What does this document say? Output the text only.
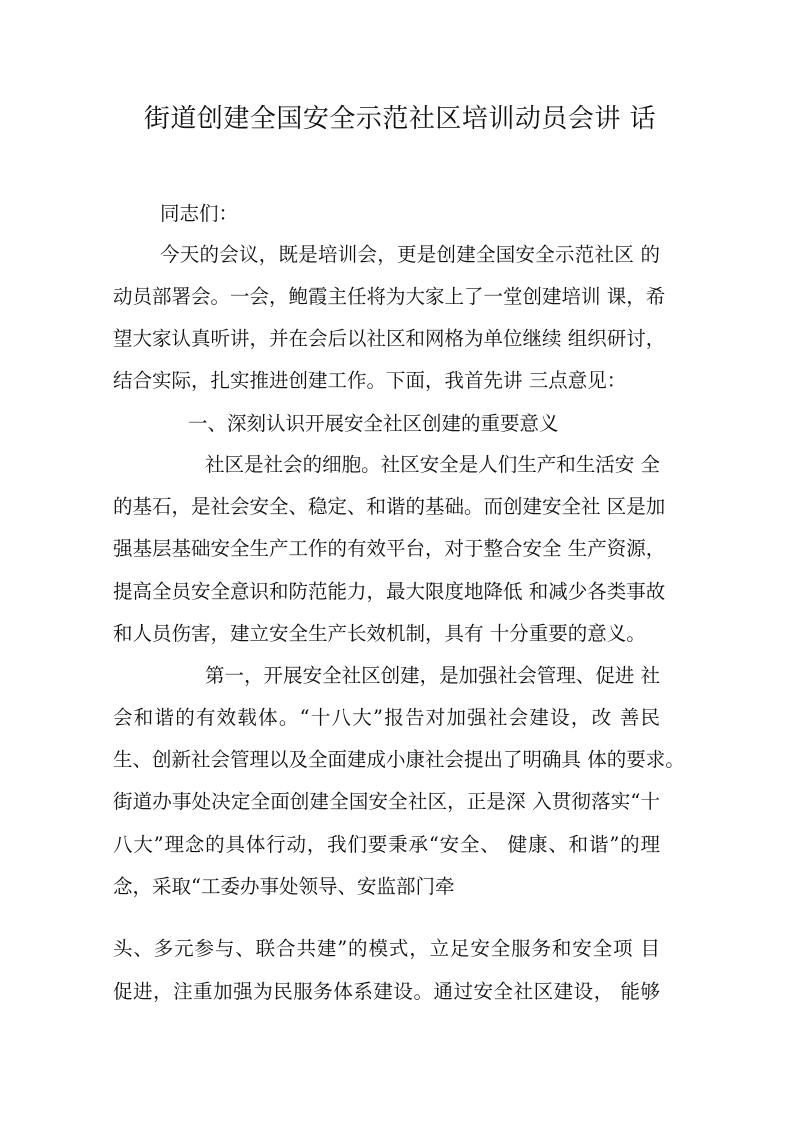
街道创建全国安全示范社区培训动员会讲 话
同志们：
今天的会议，既是培训会，更是创建全国安全示范社区 的
动员部署会。一会，鲍霞主任将为大家上了一堂创建培训 课，希
望大家认真听讲，并在会后以社区和网格为单位继续 组织研讨，
结合实际，扎实推进创建工作。下面，我首先讲 三点意见：
一、深刻认识开展安全社区创建的重要意义
社区是社会的细胞。社区安全是人们生产和生活安 全
的基石，是社会安全、稳定、和谐的基础。而创建安全社 区是加
强基层基础安全生产工作的有效平台，对于整合安全 生产资源，
提高全员安全意识和防范能力，最大限度地降低 和减少各类事故
和人员伤害，建立安全生产长效机制，具有 十分重要的意义。
第一，开展安全社区创建，是加强社会管理、促进 社
会和谐的有效载体。“十八大”报告对加强社会建设，改 善民
生、创新社会管理以及全面建成小康社会提出了明确具 体的要求。
街道办事处决定全面创建全国安全社区，正是深 入贯彻落实“十
八大”理念的具体行动，我们要秉承“安全、 健康、和谐”的理
念，采取“工委办事处领导、安监部门牵
头、多元参与、联合共建”的模式，立足安全服务和安全项 目
促进，注重加强为民服务体系建设。通过安全社区建设， 能够
